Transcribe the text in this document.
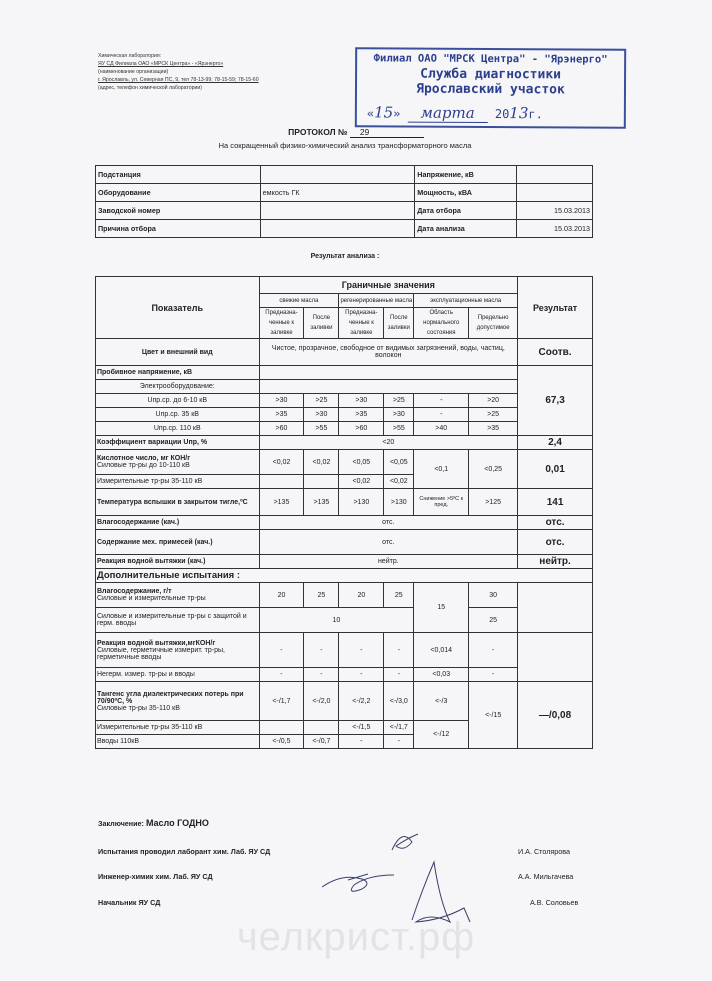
Химическая лаборатория:
ЯУ СД Филиала ОАО «МРСК Центра» - «Ярэнерго»
(наименование организации)
г. Ярославль, ул. Северная ПС, 9, тел 78-13-99; 78-15-59; 78-15-60
(адрес, телефон химической лаборатории)
Филиал ОАО "МРСК Центра" - "Ярэнерго"
Служба диагностики
Ярославский участок
«15» марта 2013г.
ПРОТОКОЛ № 29
На сокращенный физико-химический анализ трансформаторного масла
Подстанция		Напряжение, кВ	
Оборудование	емкость ГК	Мощность, кВА	
Заводской номер		Дата отбора	15.03.2013
Причина отбора		Дата анализа	15.03.2013
Результат анализа :
Показатель	Граничные значения						Результат
	свежие масла		регенерированные масла		эксплуатационные масла		
	Предназна-ченные к заливке	После заливки	Предназна-ченные к заливке	После заливки	Область нормального состояния	Предельно допустимое	
Цвет и внешний вид	Чистое, прозрачное, свободное от видимых загрязнений, воды, частиц, волокон						Соотв.
Пробивное напряжение, кВ							67,3
Электрооборудование:							
Uпр.ср. до 6-10 кВ	>30	>25	>30	>25	-	>20	
Uпр.ср. 35 кВ	>35	>30	>35	>30	-	>25	
Uпр.ср. 110 кВ	>60	>55	>60	>55	>40	>35	
Коэффициент вариации Uпр, %	<20						2,4
Кислотное число, мг КОН/г
Силовые тр-ры до 10-110 кВ	<0,02	<0,02	<0,05	<0,05	<0,1	<0,25	0,01
Измерительные тр-ры 35-110 кВ			<0,02	<0,02			
Температура вспышки в закрытом тигле,ºС	>135	>135	>130	>130	Снижение >5ºС к пред.	>125	141
Влагосодержание (кач.)	отс.						отс.
Содержание мех. примесей (кач.)	отс.						отс.
Реакция водной вытяжки (кач.)	нейтр.						нейтр.
Дополнительные испытания :							
Влагосодержание, г/т
Силовые и измерительные тр-ры	20	25	20	25	15	30	
Силовые и измерительные тр-ры с защитой и герм. вводы	10					25	
Реакция водной вытяжки,мгКОН/г
Силовые, герметичные измерит. тр-ры, герметичные вводы	-	-	-	-	<0,014	-	
Негерм. измер. тр-ры и вводы	-	-	-	-	<0,03	-	
Тангенс угла диэлектрических потерь при 70/90ºС, %
Силовые тр-ры 35-110 кВ	<-/1,7	<-/2,0	<-/2,2	<-/3,0	<-/3	<-/15	—/0,08
Измерительные тр-ры 35-110 кВ			<-/1,5	<-/1,7	<-/12		
Вводы 110кВ	<-/0,5	<-/0,7	-	-			
Заключение: Масло ГОДНО
Испытания проводил лаборант хим. Лаб. ЯУ СД	И.А. Столярова
Инженер-химик хим. Лаб. ЯУ СД	А.А. Мильгачева
Начальник ЯУ СД	А.В. Соловьев
челкрист.рф
